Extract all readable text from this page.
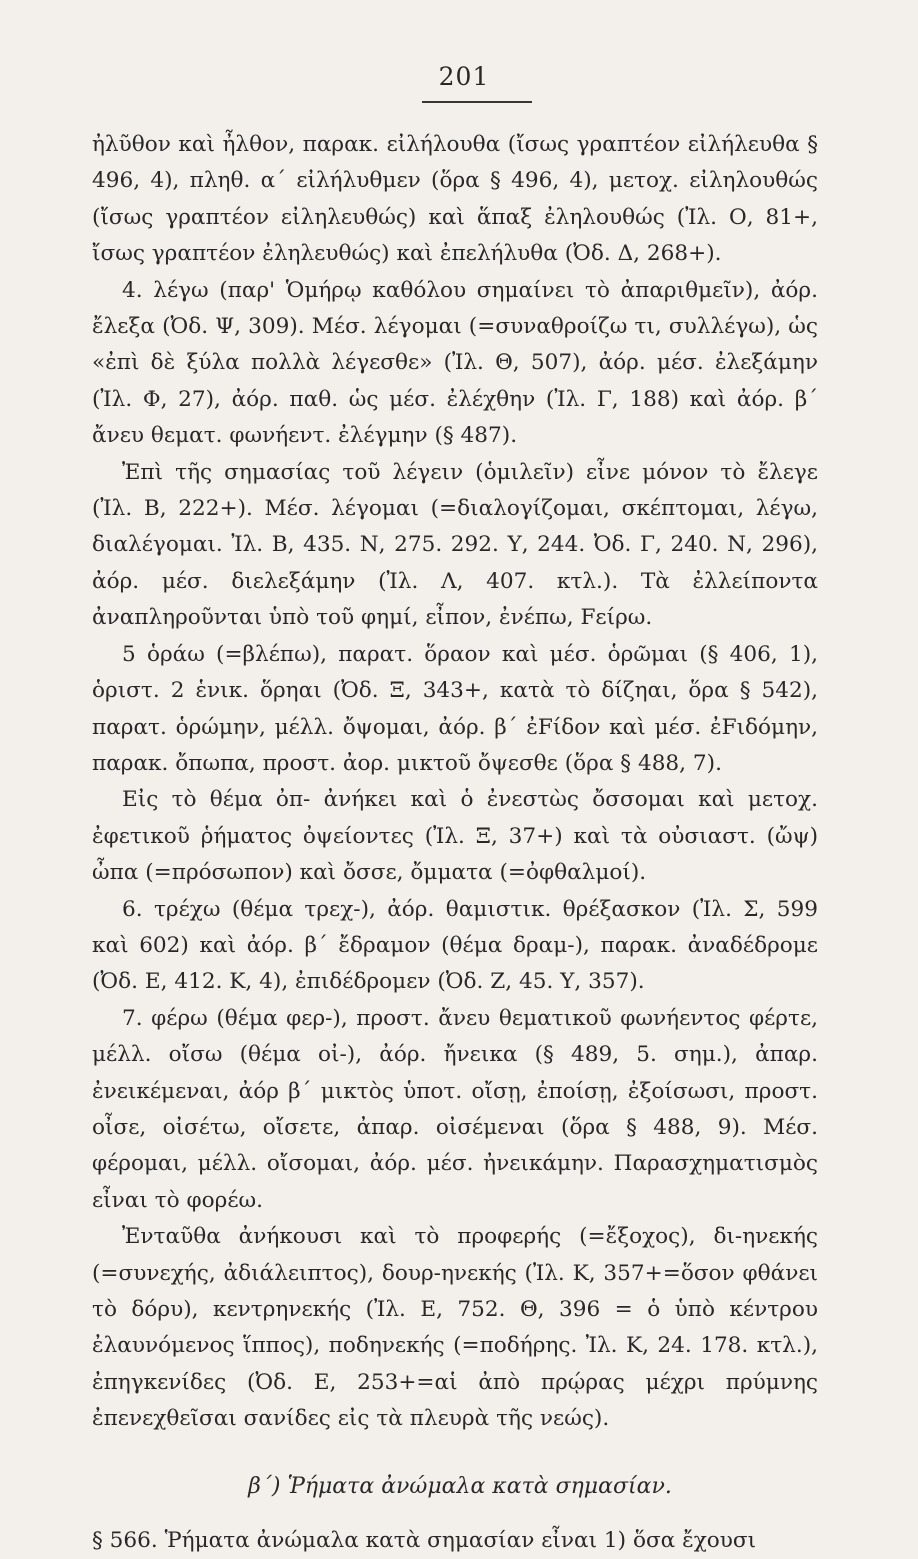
201

ἠλῦθον καὶ ἦλθον, παρακ. εἰλήλουθα (ἴσως γραπτέον εἰλήλευθα § 496, 4), πληθ. α΄ εἰλήλυθμεν (ὅρα § 496, 4), μετοχ. εἰληλουθώς (ἴσως γραπτέον εἰληλευθώς) καὶ ἅπαξ ἐληλουθώς (Ἰλ. Ο, 81+, ἴσως γραπτέον ἐληλευθώς) καὶ ἐπελήλυθα (Ὀδ. Δ, 268+).

4. λέγω (παρ' Ὁμήρῳ καθόλου σημαίνει τὸ ἀπαριθμεῖν), ἀόρ. ἔλεξα (Ὀδ. Ψ, 309). Μέσ. λέγομαι (=συναθροίζω τι, συλλέγω), ὡς «ἐπὶ δὲ ξύλα πολλὰ λέγεσθε» (Ἰλ. Θ, 507), ἀόρ. μέσ. ἐλεξάμην (Ἰλ. Φ, 27), ἀόρ. παθ. ὡς μέσ. ἐλέχθην (Ἰλ. Γ, 188) καὶ ἀόρ. β΄ ἄνευ θεματ. φωνήεντ. ἐλέγμην (§ 487).

Ἐπὶ τῆς σημασίας τοῦ λέγειν (ὁμιλεῖν) εἶνε μόνον τὸ ἔλεγε (Ἰλ. Β, 222+). Μέσ. λέγομαι (=διαλογίζομαι, σκέπτομαι, λέγω, διαλέγομαι. Ἰλ. Β, 435. Ν, 275. 292. Υ, 244. Ὀδ. Γ, 240. Ν, 296), ἀόρ. μέσ. διελεξάμην (Ἰλ. Λ, 407. κτλ.). Τὰ ἐλλείποντα ἀναπληροῦνται ὑπὸ τοῦ φημί, εἶπον, ἐνέπω, Fείρω.

5 ὁράω (=βλέπω), παρατ. ὅραον καὶ μέσ. ὁρῶμαι (§ 406, 1), ὁριστ. 2 ἑνικ. ὅρηαι (Ὀδ. Ξ, 343+, κατὰ τὸ δίζηαι, ὅρα § 542), παρατ. ὁρώμην, μέλλ. ὄψομαι, ἀόρ. β΄ ἐFίδον καὶ μέσ. ἐFιδόμην, παρακ. ὄπωπα, προστ. ἀορ. μικτοῦ ὄψεσθε (ὅρα § 488, 7).

Εἰς τὸ θέμα ὀπ- ἀνήκει καὶ ὁ ἐνεστὼς ὄσσομαι καὶ μετοχ. ἐφετικοῦ ῥήματος ὀψείοντες (Ἰλ. Ξ, 37+) καὶ τὰ οὐσιαστ. (ὤψ) ὦπα (=πρόσωπον) καὶ ὄσσε, ὄμματα (=ὀφθαλμοί).

6. τρέχω (θέμα τρεχ-), ἀόρ. θαμιστικ. θρέξασκον (Ἰλ. Σ, 599 καὶ 602) καὶ ἀόρ. β΄ ἔδραμον (θέμα δραμ-), παρακ. ἀναδέδρομε (Ὀδ. Ε, 412. Κ, 4), ἐπιδέδρομεν (Ὀδ. Ζ, 45. Υ, 357).

7. φέρω (θέμα φερ-), προστ. ἄνευ θεματικοῦ φωνήεντος φέρτε, μέλλ. οἴσω (θέμα οἰ-), ἀόρ. ἤνεικα (§ 489, 5. σημ.), ἀπαρ. ἐνεικέμεναι, ἀόρ β΄ μικτὸς ὑποτ. οἴσῃ, ἐποίσῃ, ἐξοίσωσι, προστ. οἶσε, οἰσέτω, οἴσετε, ἀπαρ. οἰσέμεναι (ὅρα § 488, 9). Μέσ. φέρομαι, μέλλ. οἴσομαι, ἀόρ. μέσ. ἠνεικάμην. Παρασχηματισμὸς εἶναι τὸ φορέω.

Ἐνταῦθα ἀνήκουσι καὶ τὸ προφερής (=ἔξοχος), δι-ηνεκής (=συνεχής, ἀδιάλειπτος), δουρ-ηνεκής (Ἰλ. Κ, 357+=ὅσον φθάνει τὸ δόρυ), κεντρηνεκής (Ἰλ. Ε, 752. Θ, 396 = ὁ ὑπὸ κέντρου ἐλαυνόμενος ἵππος), ποδηνεκής (=ποδήρης. Ἰλ. Κ, 24. 178. κτλ.), ἐπηγκενίδες (Ὀδ. Ε, 253+=αἱ ἀπὸ πρῴρας μέχρι πρύμνης ἐπενεχθεῖσαι σανίδες εἰς τὰ πλευρὰ τῆς νεώς).

β΄) Ῥήματα ἀνώμαλα κατὰ σημασίαν.
§ 566. Ῥήματα ἀνώμαλα κατὰ σημασίαν εἶναι 1) ὅσα ἔχουσι
